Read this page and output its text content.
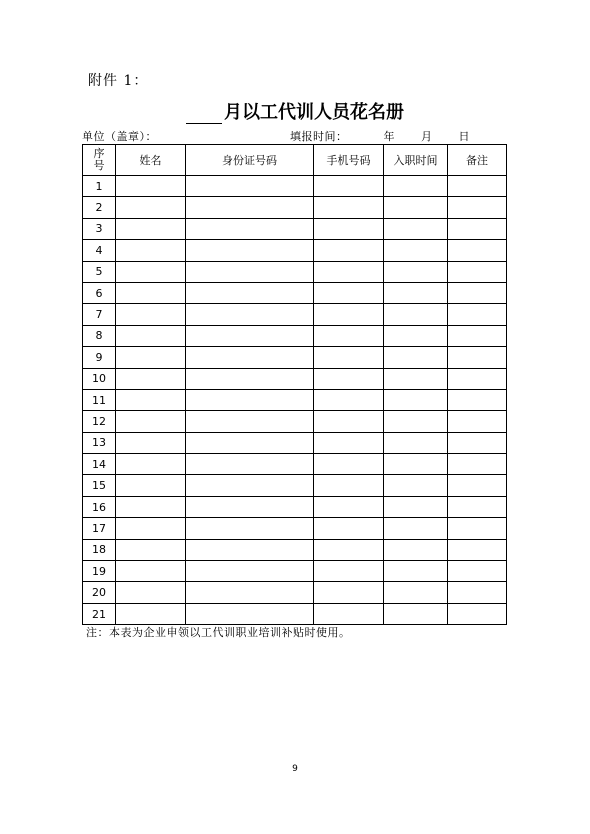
附件 1：
月以工代训人员花名册
单位（盖章）：	填报时间：	年 月 日
序
号	姓名	身份证号码	手机号码	入职时间	备注
1					
2					
3					
4					
5					
6					
7					
8					
9					
10					
11					
12					
13					
14					
15					
16					
17					
18					
19					
20					
21					
注：本表为企业申领以工代训职业培训补贴时使用。
9
